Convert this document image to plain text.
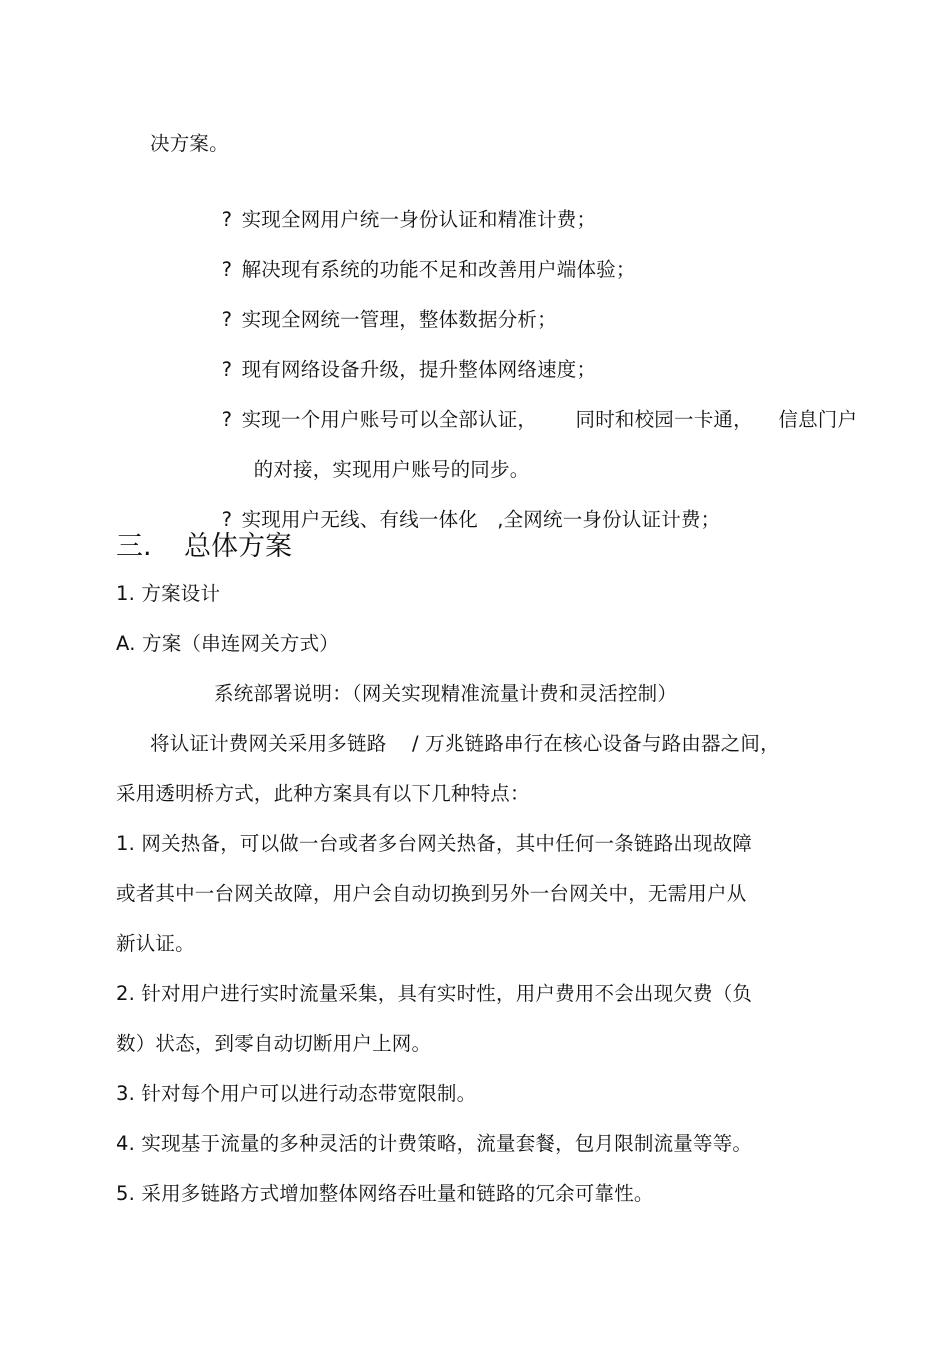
决方案。

? 实现全网用户统一身份认证和精准计费；

? 解决现有系统的功能不足和改善用户端体验；

? 实现全网统一管理，整体数据分析；

? 现有网络设备升级，提升整体网络速度；

? 实现一个用户账号可以全部认证，      同时和校园一卡通，    信息门户

的对接，实现用户账号的同步。

? 实现用户无线、有线一体化   ,全网统一身份认证计费；

三. 总体方案
1. 方案设计
A. 方案（串连网关方式）
系统部署说明：（网关实现精准流量计费和灵活控制）
将认证计费网关采用多链路    / 万兆链路串行在核心设备与路由器之间，
采用透明桥方式，此种方案具有以下几种特点：
1. 网关热备，可以做一台或者多台网关热备，其中任何一条链路出现故障
或者其中一台网关故障，用户会自动切换到另外一台网关中，无需用户从
新认证。
2. 针对用户进行实时流量采集，具有实时性，用户费用不会出现欠费（负
数）状态，到零自动切断用户上网。
3. 针对每个用户可以进行动态带宽限制。
4. 实现基于流量的多种灵活的计费策略，流量套餐，包月限制流量等等。
5. 采用多链路方式增加整体网络吞吐量和链路的冗余可靠性。
